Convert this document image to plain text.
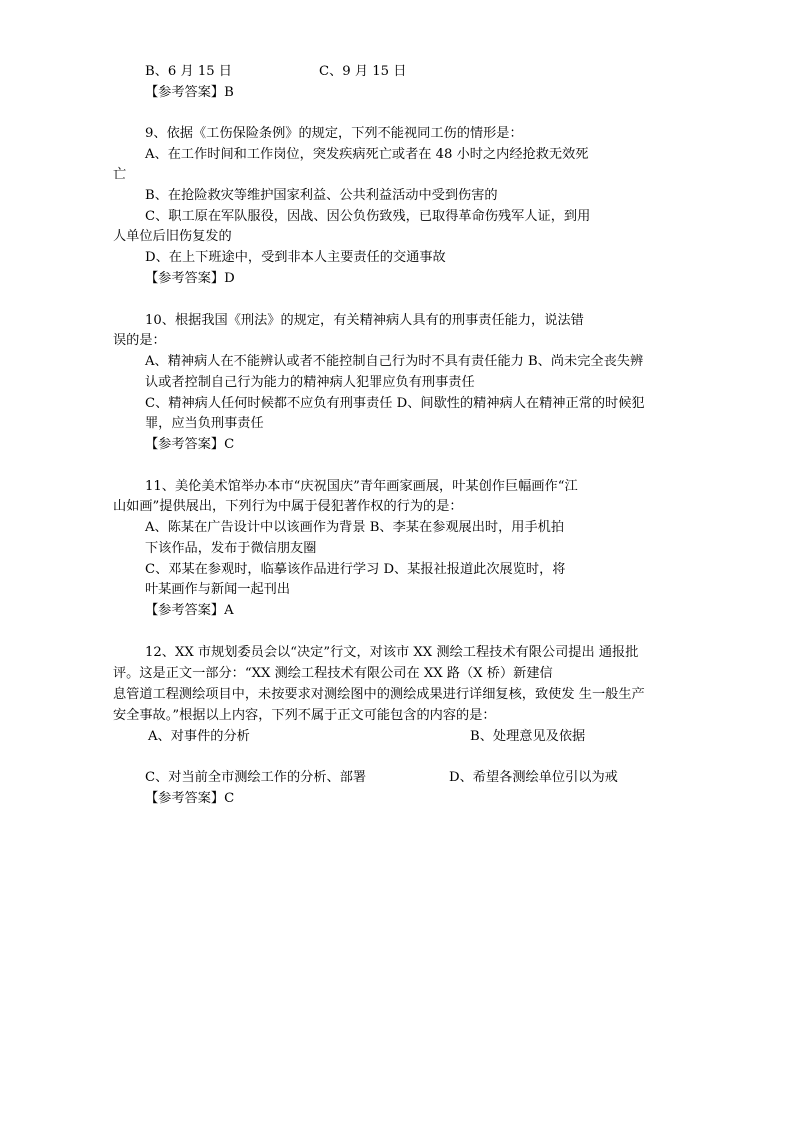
B、6 月 15 日	C、9 月 15 日
【参考答案】B
9、依据《工伤保险条例》的规定，下列不能视同工伤的情形是：
A、在工作时间和工作岗位，突发疾病死亡或者在 48 小时之内经抢救无效死
亡
B、在抢险救灾等维护国家利益、公共利益活动中受到伤害的
C、职工原在军队服役，因战、因公负伤致残，已取得革命伤残军人证，到用
人单位后旧伤复发的
D、在上下班途中，受到非本人主要责任的交通事故
【参考答案】D
10、根据我国《刑法》的规定，有关精神病人具有的刑事责任能力，说法错
误的是：
A、精神病人在不能辨认或者不能控制自己行为时不具有责任能力 B、尚未完全丧失辨
认或者控制自己行为能力的精神病人犯罪应负有刑事责任
C、精神病人任何时候都不应负有刑事责任 D、间歇性的精神病人在精神正常的时候犯
罪，应当负刑事责任
【参考答案】C
11、美伦美术馆举办本市“庆祝国庆”青年画家画展，叶某创作巨幅画作“江
山如画”提供展出，下列行为中属于侵犯著作权的行为的是：
A、陈某在广告设计中以该画作为背景 B、李某在参观展出时，用手机拍
下该作品，发布于微信朋友圈
C、邓某在参观时，临摹该作品进行学习 D、某报社报道此次展览时，将
叶某画作与新闻一起刊出
【参考答案】A
12、XX 市规划委员会以“决定”行文，对该市 XX 测绘工程技术有限公司提出 通报批
评。这是正文一部分：“XX 测绘工程技术有限公司在 XX 路（X 桥）新建信
息管道工程测绘项目中，未按要求对测绘图中的测绘成果进行详细复核，致使发 生一般生产
安全事故。”根据以上内容，下列不属于正文可能包含的内容的是：
A、对事件的分析	B、处理意见及依据
C、对当前全市测绘工作的分析、部署	D、希望各测绘单位引以为戒
【参考答案】C
